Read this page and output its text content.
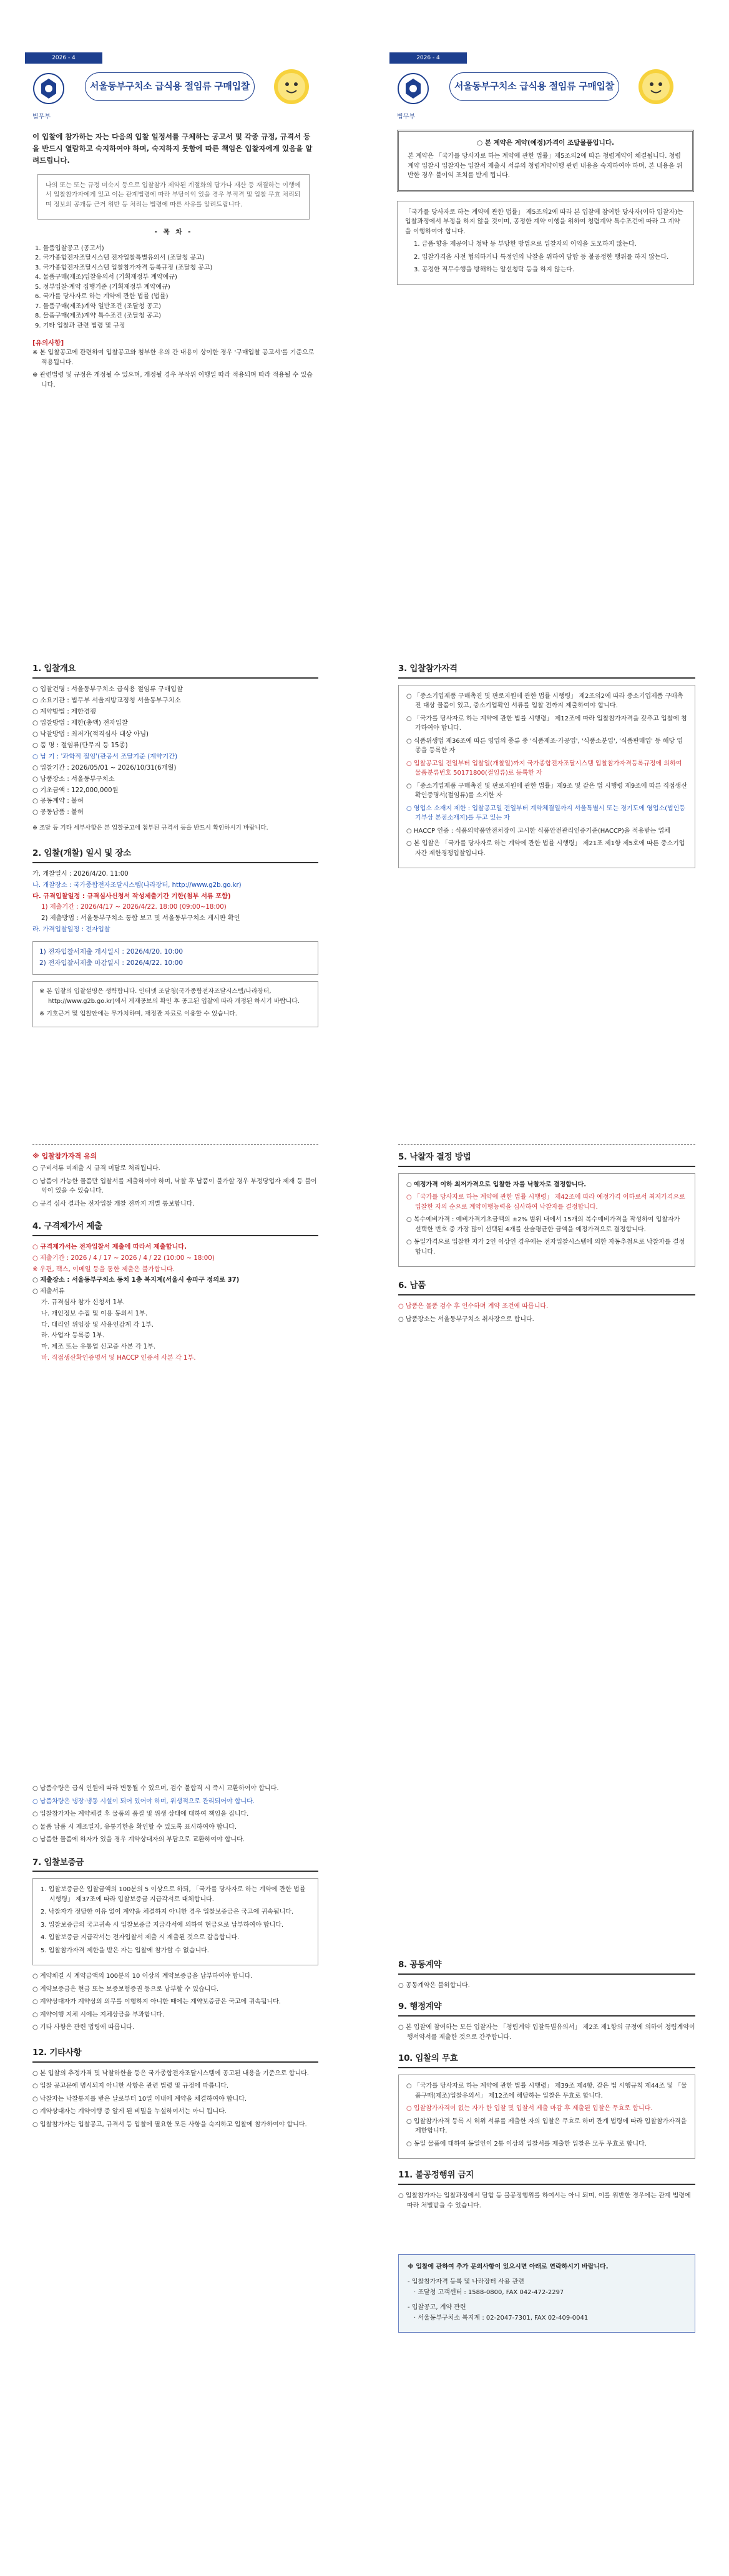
2026 - 4
법무부
서울동부구치소 급식용 절임류 구매입찰

이 입찰에 참가하는 자는 다음의 입찰 일정서를 구체하는 공고서 및 각종 규정, 규격서 등을 반드시 열람하고 숙지하여야 하며, 숙지하지 못함에 따른 책임은 입찰자에게 있음을 알려드립니다.

나의 또는 또는 규정 미숙지 등으로 입찰참가 제약된 계절화의 답가나 재산 등 재결하는 이행에서 입찰참가자에게 있고 이는 관계법령에 따라 부당이익 있을 경우 부적격 및 입찰 무효 처리되며 정보의 공개등 근거 위반 등 처리는 법령에 따른 사유를 알려드립니다.

- 목 차 -
1. 물품입찰공고 (공고서)
2. 국가종합전자조달시스템 전자입찰특별유의서 (조달청 공고)
3. 국가종합전자조달시스템 입찰참가자격 등록규정 (조달청 공고)
4. 물품구매(제조)입찰유의서 (기획재정부 계약예규)
5. 정부입찰·계약 집행기준 (기획재정부 계약예규)
6. 국가를 당사자로 하는 계약에 관한 법률 (법률)
7. 물품구매(제조)계약 일반조건 (조달청 공고)
8. 물품구매(제조)계약 특수조건 (조달청 공고)
9. 기타 입찰과 관련 법령 및 규정
[유의사항]

※ 본 입찰공고에 관련하여 입찰공고와 첨부한 유의 간 내용이 상이한 경우 '구매입찰 공고서'를 기준으로 적용됩니다.

※ 관련법령 및 규정은 개정될 수 있으며, 개정될 경우 무작위 이행일 따라 적용되며 따라 적용될 수 있습니다.

1. 입찰개요

○ 입찰건명 : 서울동부구치소 급식용 절임류 구매입찰

○ 소요기관 : 법무부 서울지방교정청 서울동부구치소

○ 계약방법 : 제한경쟁

○ 입찰방법 : 제한(총액) 전자입찰

○ 낙찰방법 : 최저가(적격심사 대상 아님)

○ 품 명 : 절임류(단무지 등 15종)

○ 납 기 : '과학적 절임'(관공서 조달기준 (계약기간)

○ 입찰기간 : 2026/05/01 ~ 2026/10/31(6개월)

○ 납품장소 : 서울동부구치소

○ 기초금액 : 122,000,000원

○ 공동계약 : 불허

○ 공동납품 : 불허

※ 조달 등 기타 세부사항은 본 입찰공고에 첨부된 규격서 등을 반드시 확인하시기 바랍니다.

2. 입찰(개찰) 일시 및 장소

가. 개찰일시 : 2026/4/20. 11:00

나. 개찰장소 : 국가종합전자조달시스템(나라장터, http://www.g2b.go.kr)

다. 규격입찰일정 : 규격심사신청서 작성제출기간 기한(첨부 서류 포함)

1) 제출기간 : 2026/4/17 ~ 2026/4/22. 18:00 (09:00~18:00)

2) 제출방법 : 서울동부구치소 통합 보고 및 서울동부구치소 게시판 확인

라. 가격입찰일정 : 전자입찰

1) 전자입찰서제출 개시일시 : 2026/4/20. 10:00

2) 전자입찰서제출 마감일시 : 2026/4/22. 10:00

※ 본 입찰의 입찰설명은 생략합니다. 인터넷 조달청(국가종합전자조달시스템/나라장터, http://www.g2b.go.kr)에서 게재공보의 확인 후 공고된 입찰에 따라 개정된 하시기 바랍니다.

※ 기호근거 및 입찰안에는 무가치하며, 재정관 자료로 이용할 수 있습니다.

2026 - 4
법무부
서울동부구치소 급식용 절임류 구매입찰

○ 본 계약은 계약(예정)가격이 조달물품입니다.

본 계약은 「국가를 당사자로 하는 계약에 관한 법률」제5조의2에 따른 청렴계약이 체결됩니다. 청렴계약 입찰시 입찰자는 입찰서 제출시 서류의 청렴계약이행 관련 내용을 숙지하여야 하며, 본 내용을 위반한 경우 불이익 조치를 받게 됩니다.

「국가를 당사자로 하는 계약에 관한 법률」 제5조의2에 따라 본 입찰에 참여한 당사자(이하 입찰자)는 입찰과정에서 부정을 하지 않을 것이며, 공정한 계약 이행을 위하여 청렴계약 특수조건에 따라 그 계약을 이행하여야 합니다.

1. 금품·향응 제공이나 청탁 등 부당한 방법으로 입찰자의 이익을 도모하지 않는다.

2. 입찰가격을 사전 협의하거나 특정인의 낙찰을 위하여 담합 등 불공정한 행위를 하지 않는다.

3. 공정한 직무수행을 방해하는 알선청탁 등을 하지 않는다.

3. 입찰참가자격

○ 「중소기업제품 구매촉진 및 판로지원에 관한 법률 시행령」 제2조의2에 따라 중소기업제품 구매촉진 대상 물품이 있고, 중소기업확인 서류를 입찰 전까지 제출하여야 합니다.

○ 「국가를 당사자로 하는 계약에 관한 법률 시행령」 제12조에 따라 입찰참가자격을 갖추고 입찰에 참가하여야 합니다.

○ 식품위생법 제36조에 따른 영업의 종류 중 '식품제조·가공업', '식품소분업', '식품판매업' 등 해당 업종을 등록한 자

○ 입찰공고일 전일부터 입찰일(개찰일)까지 국가종합전자조달시스템 입찰참가자격등록규정에 의하여 물품분류번호 50171800(절임류)로 등록한 자

○ 「중소기업제품 구매촉진 및 판로지원에 관한 법률」제9조 및 같은 법 시행령 제9조에 따른 직접생산확인증명서(절임류)를 소지한 자

○ 영업소 소재지 제한 : 입찰공고일 전일부터 계약체결일까지 서울특별시 또는 경기도에 영업소(법인등기부상 본점소재지)를 두고 있는 자

○ HACCP 인증 : 식품의약품안전처장이 고시한 식품안전관리인증기준(HACCP)을 적용받는 업체

○ 본 입찰은 「국가를 당사자로 하는 계약에 관한 법률 시행령」 제21조 제1항 제5호에 따른 중소기업자간 제한경쟁입찰입니다.

※ 입찰참가자격 유의

○ 구비서류 미제출 시 규격 미달로 처리됩니다.

○ 납품이 가능한 물품만 입찰서를 제출하여야 하며, 낙찰 후 납품이 불가할 경우 부정당업자 제재 등 불이익이 있을 수 있습니다.

○ 규격 심사 결과는 전자입찰 개찰 전까지 개별 통보합니다.

4. 구격제가서 제출

○ 규격제가서는 전자입찰서 제출에 따라서 제출합니다.

○ 제출기간 : 2026 / 4 / 17 ~ 2026 / 4 / 22 (10:00 ~ 18:00)

※ 우편, 팩스, 이메일 등을 통한 제출은 불가합니다.

○ 제출장소 : 서울동부구치소 동치 1층 복지계(서울시 송파구 정의로 37)

○ 제출서류

가. 규격심사 참가 신청서 1부.

나. 개인정보 수집 및 이용 동의서 1부.

다. 대리인 위임장 및 사용인감계 각 1부.

라. 사업자 등록증 1부.

마. 제조 또는 유통업 신고증 사본 각 1부.

바. 직접생산확인증명서 및 HACCP 인증서 사본 각 1부.

5. 낙찰자 결정 방법

○ 예정가격 이하 최저가격으로 입찰한 자를 낙찰자로 결정합니다.

○ 「국가를 당사자로 하는 계약에 관한 법률 시행령」 제42조에 따라 예정가격 이하로서 최저가격으로 입찰한 자의 순으로 계약이행능력을 심사하여 낙찰자를 결정합니다.

○ 복수예비가격 : 예비가격기초금액의 ±2% 범위 내에서 15개의 복수예비가격을 작성하여 입찰자가 선택한 번호 중 가장 많이 선택된 4개를 산술평균한 금액을 예정가격으로 결정합니다.

○ 동일가격으로 입찰한 자가 2인 이상인 경우에는 전자입찰시스템에 의한 자동추첨으로 낙찰자를 결정합니다.

6. 납품

○ 납품은 물품 검수 후 인수하며 계약 조건에 따릅니다.

○ 납품장소는 서울동부구치소 취사장으로 합니다.

○ 납품수량은 급식 인원에 따라 변동될 수 있으며, 검수 불합격 시 즉시 교환하여야 합니다.

○ 납품차량은 냉장·냉동 시설이 되어 있어야 하며, 위생적으로 관리되어야 합니다.

○ 입찰참가자는 계약체결 후 물품의 품질 및 위생 상태에 대하여 책임을 집니다.

○ 물품 납품 시 제조일자, 유통기한을 확인할 수 있도록 표시하여야 합니다.

○ 납품한 물품에 하자가 있을 경우 계약상대자의 부담으로 교환하여야 합니다.

7. 입찰보증금

1. 입찰보증금은 입찰금액의 100분의 5 이상으로 하되, 「국가를 당사자로 하는 계약에 관한 법률 시행령」 제37조에 따라 입찰보증금 지급각서로 대체합니다.

2. 낙찰자가 정당한 이유 없이 계약을 체결하지 아니한 경우 입찰보증금은 국고에 귀속됩니다.

3. 입찰보증금의 국고귀속 시 입찰보증금 지급각서에 의하여 현금으로 납부하여야 합니다.

4. 입찰보증금 지급각서는 전자입찰서 제출 시 제출된 것으로 갈음합니다.

5. 입찰참가자격 제한을 받은 자는 입찰에 참가할 수 없습니다.

○ 계약체결 시 계약금액의 100분의 10 이상의 계약보증금을 납부하여야 합니다.

○ 계약보증금은 현금 또는 보증보험증권 등으로 납부할 수 있습니다.

○ 계약상대자가 계약상의 의무를 이행하지 아니한 때에는 계약보증금은 국고에 귀속됩니다.

○ 계약이행 지체 시에는 지체상금을 부과합니다.

○ 기타 사항은 관련 법령에 따릅니다.

12. 기타사항

○ 본 입찰의 추정가격 및 낙찰하한율 등은 국가종합전자조달시스템에 공고된 내용을 기준으로 합니다.

○ 입찰 공고문에 명시되지 아니한 사항은 관련 법령 및 규정에 따릅니다.

○ 낙찰자는 낙찰통지를 받은 날로부터 10일 이내에 계약을 체결하여야 합니다.

○ 계약상대자는 계약이행 중 알게 된 비밀을 누설하여서는 아니 됩니다.

○ 입찰참가자는 입찰공고, 규격서 등 입찰에 필요한 모든 사항을 숙지하고 입찰에 참가하여야 합니다.

8. 공동계약

○ 공동계약은 불허합니다.

9. 행정계약

○ 본 입찰에 참여하는 모든 입찰자는 「청렴계약 입찰특별유의서」 제2조 제1항의 규정에 의하여 청렴계약이행서약서를 제출한 것으로 간주합니다.

10. 입찰의 무효

○ 「국가를 당사자로 하는 계약에 관한 법률 시행령」 제39조 제4항, 같은 법 시행규칙 제44조 및 「물품구매(제조)입찰유의서」 제12조에 해당하는 입찰은 무효로 합니다.

○ 입찰참가자격이 없는 자가 한 입찰 및 입찰서 제출 마감 후 제출된 입찰은 무효로 합니다.

○ 입찰참가자격 등록 시 허위 서류를 제출한 자의 입찰은 무효로 하며 관계 법령에 따라 입찰참가자격을 제한합니다.

○ 동일 물품에 대하여 동일인이 2통 이상의 입찰서를 제출한 입찰은 모두 무효로 합니다.

11. 불공정행위 금지

○ 입찰참가자는 입찰과정에서 담합 등 불공정행위를 하여서는 아니 되며, 이를 위반한 경우에는 관계 법령에 따라 처벌받을 수 있습니다.

※ 입찰에 관하여 추가 문의사항이 있으시면 아래로 연락하시기 바랍니다.

- 입찰참가자격 등록 및 나라장터 사용 관련

· 조달청 고객센터 : 1588-0800, FAX 042-472-2297

- 입찰공고, 계약 관련

· 서울동부구치소 복지계 : 02-2047-7301, FAX 02-409-0041
